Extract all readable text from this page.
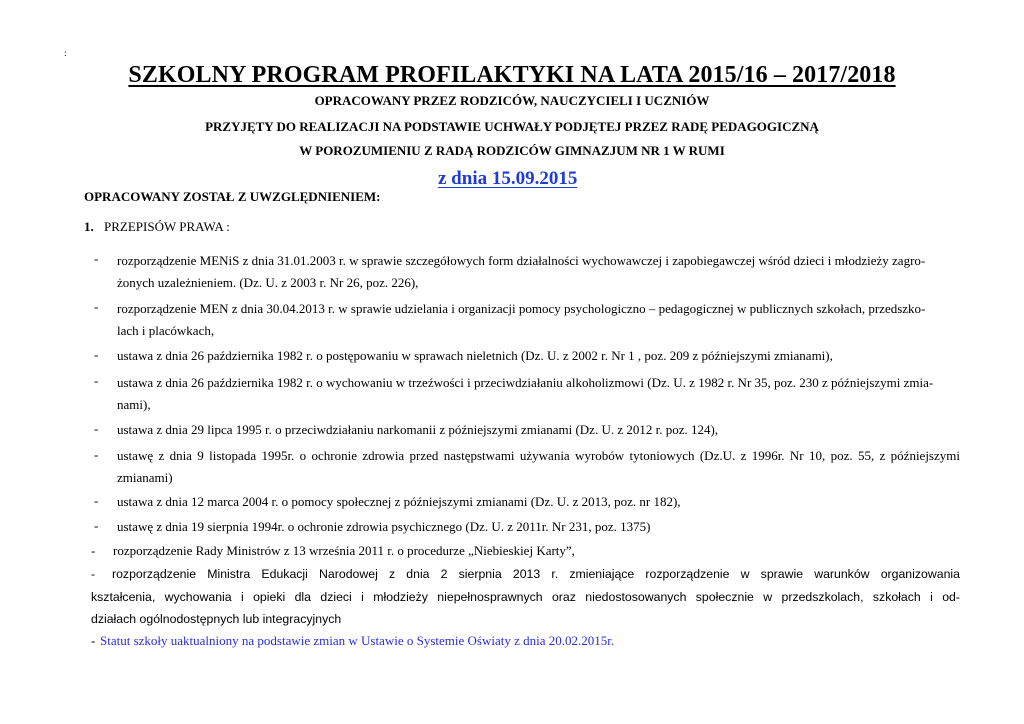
:
SZKOLNY PROGRAM PROFILAKTYKI NA LATA 2015/16 – 2017/2018
OPRACOWANY PRZEZ RODZICÓW, NAUCZYCIELI I UCZNIÓW
PRZYJĘTY DO REALIZACJI NA PODSTAWIE UCHWAŁY PODJĘTEJ PRZEZ RADĘ PEDAGOGICZNĄ
W POROZUMIENIU Z RADĄ RODZICÓW GIMNAZJUM NR 1 W RUMI
z dnia 15.09.2015
OPRACOWANY ZOSTAŁ Z UWZGLĘDNIENIEM:
1. PRZEPISÓW PRAWA :
- rozporządzenie MENiS z dnia 31.01.2003 r. w sprawie szczegółowych form działalności wychowawczej i zapobiegawczej wśród dzieci i młodzieży zagro-
żonych uzależnieniem. (Dz. U. z 2003 r. Nr 26, poz. 226),
- rozporządzenie MEN z dnia 30.04.2013 r. w sprawie udzielania i organizacji pomocy psychologiczno – pedagogicznej w publicznych szkołach, przedszko-
lach i placówkach,
- ustawa z dnia 26 października 1982 r. o postępowaniu w sprawach nieletnich (Dz. U. z 2002 r. Nr 1 , poz. 209 z późniejszymi zmianami),
- ustawa z dnia 26 października 1982 r. o wychowaniu w trzeźwości i przeciwdziałaniu alkoholizmowi (Dz. U. z 1982 r. Nr 35, poz. 230 z późniejszymi zmia-
nami),
- ustawa z dnia 29 lipca 1995 r. o przeciwdziałaniu narkomanii z późniejszymi zmianami (Dz. U. z 2012 r. poz. 124),
- ustawę z dnia 9 listopada 1995r. o ochronie zdrowia przed następstwami używania wyrobów tytoniowych (Dz.U. z 1996r. Nr 10, poz. 55, z późniejszymi
zmianami)
- ustawa z dnia 12 marca 2004 r. o pomocy społecznej z późniejszymi zmianami (Dz. U. z 2013, poz. nr 182),
- ustawę z dnia 19 sierpnia 1994r. o ochronie zdrowia psychicznego (Dz. U. z 2011r. Nr 231, poz. 1375)
- rozporządzenie Rady Ministrów z 13 września 2011 r. o procedurze „Niebieskiej Karty”,
- rozporządzenie Ministra Edukacji Narodowej z dnia 2 sierpnia 2013 r. zmieniające rozporządzenie w sprawie warunków organizowania
kształcenia, wychowania i opieki dla dzieci i młodzieży niepełnosprawnych oraz niedostosowanych społecznie w przedszkolach, szkołach i od-
działach ogólnodostępnych lub integracyjnych
- Statut szkoły uaktualniony na podstawie zmian w Ustawie o Systemie Oświaty z dnia 20.02.2015r.
